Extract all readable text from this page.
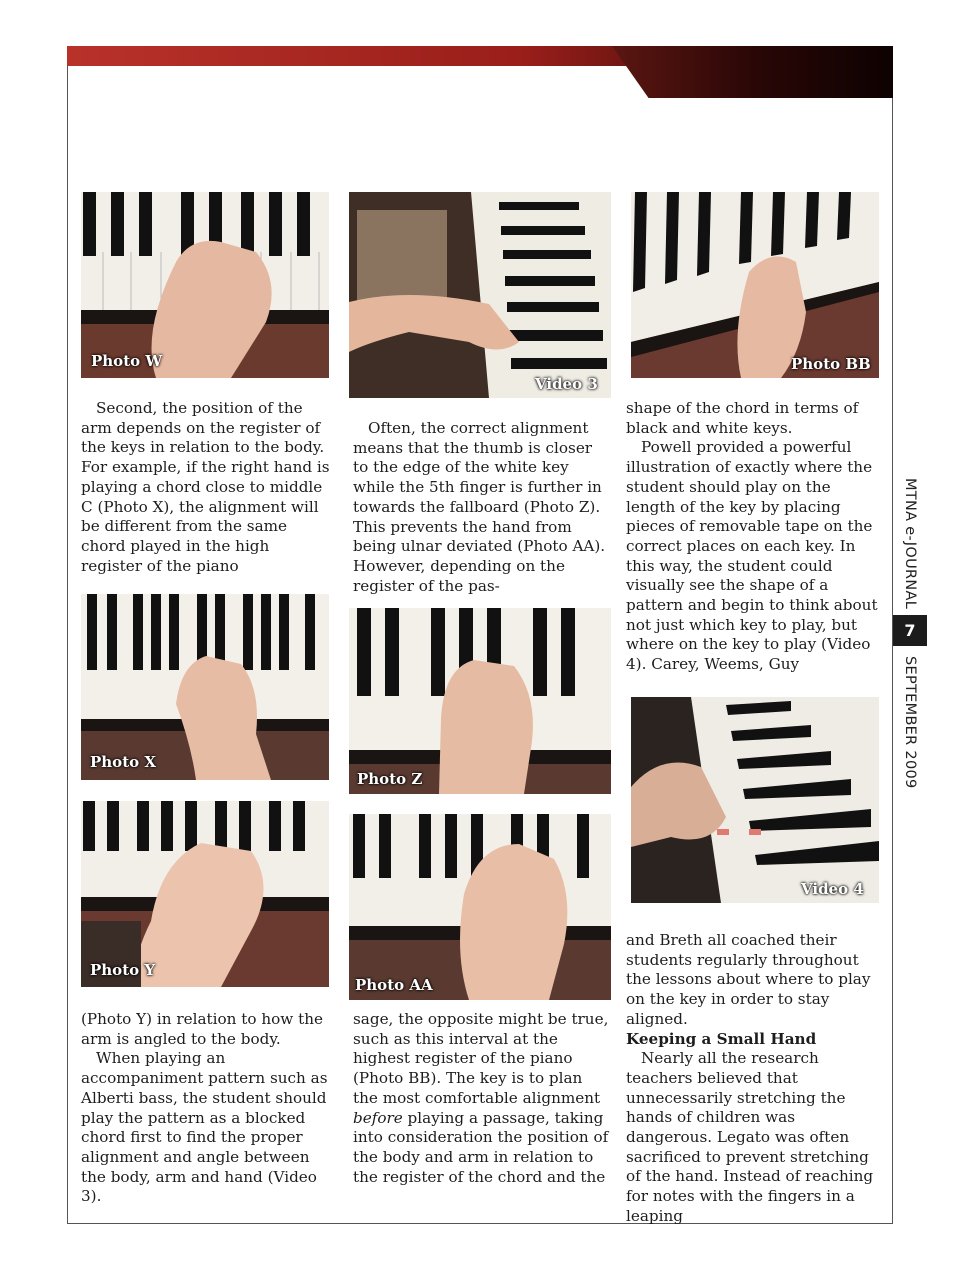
MTNA e-JOURNAL
7
SEPTEMBER 2009
Photo W
Video 3
Photo BB

Second, the position of the arm depends on the register of the keys in relation to the body. For example, if the right hand is playing a chord close to middle C (Photo X), the alignment will be different from the same chord played in the high register of the piano

Often, the correct alignment means that the thumb is closer to the edge of the white key while the 5th finger is further in towards the fallboard (Photo Z). This prevents the hand from being ulnar deviated (Photo AA). However, depending on the register of the pas-

shape of the chord in terms of black and white keys.

Powell provided a powerful illustration of exactly where the student should play on the length of the key by placing pieces of removable tape on the correct places on each key. In this way, the student could visually see the shape of a pattern and begin to think about not just which key to play, but where on the key to play (Video 4). Carey, Weems, Guy

Photo X
Photo Z
Video 4
Photo Y
Photo AA

and Breth all coached their students regularly throughout the lessons about where to play on the key in order to stay aligned.

Keeping a Small Hand

Nearly all the research teachers believed that unnecessarily stretching the hands of children was dangerous. Legato was often sacrificed to prevent stretching of the hand. Instead of reaching for notes with the fingers in a leaping

(Photo Y) in relation to how the arm is angled to the body.

When playing an accompaniment pattern such as Alberti bass, the student should play the pattern as a blocked chord first to find the proper alignment and angle between the body, arm and hand (Video 3).

sage, the opposite might be true, such as this interval at the highest register of the piano (Photo BB). The key is to plan the most comfortable alignment before playing a passage, taking into consideration the position of the body and arm in relation to the register of the chord and the
